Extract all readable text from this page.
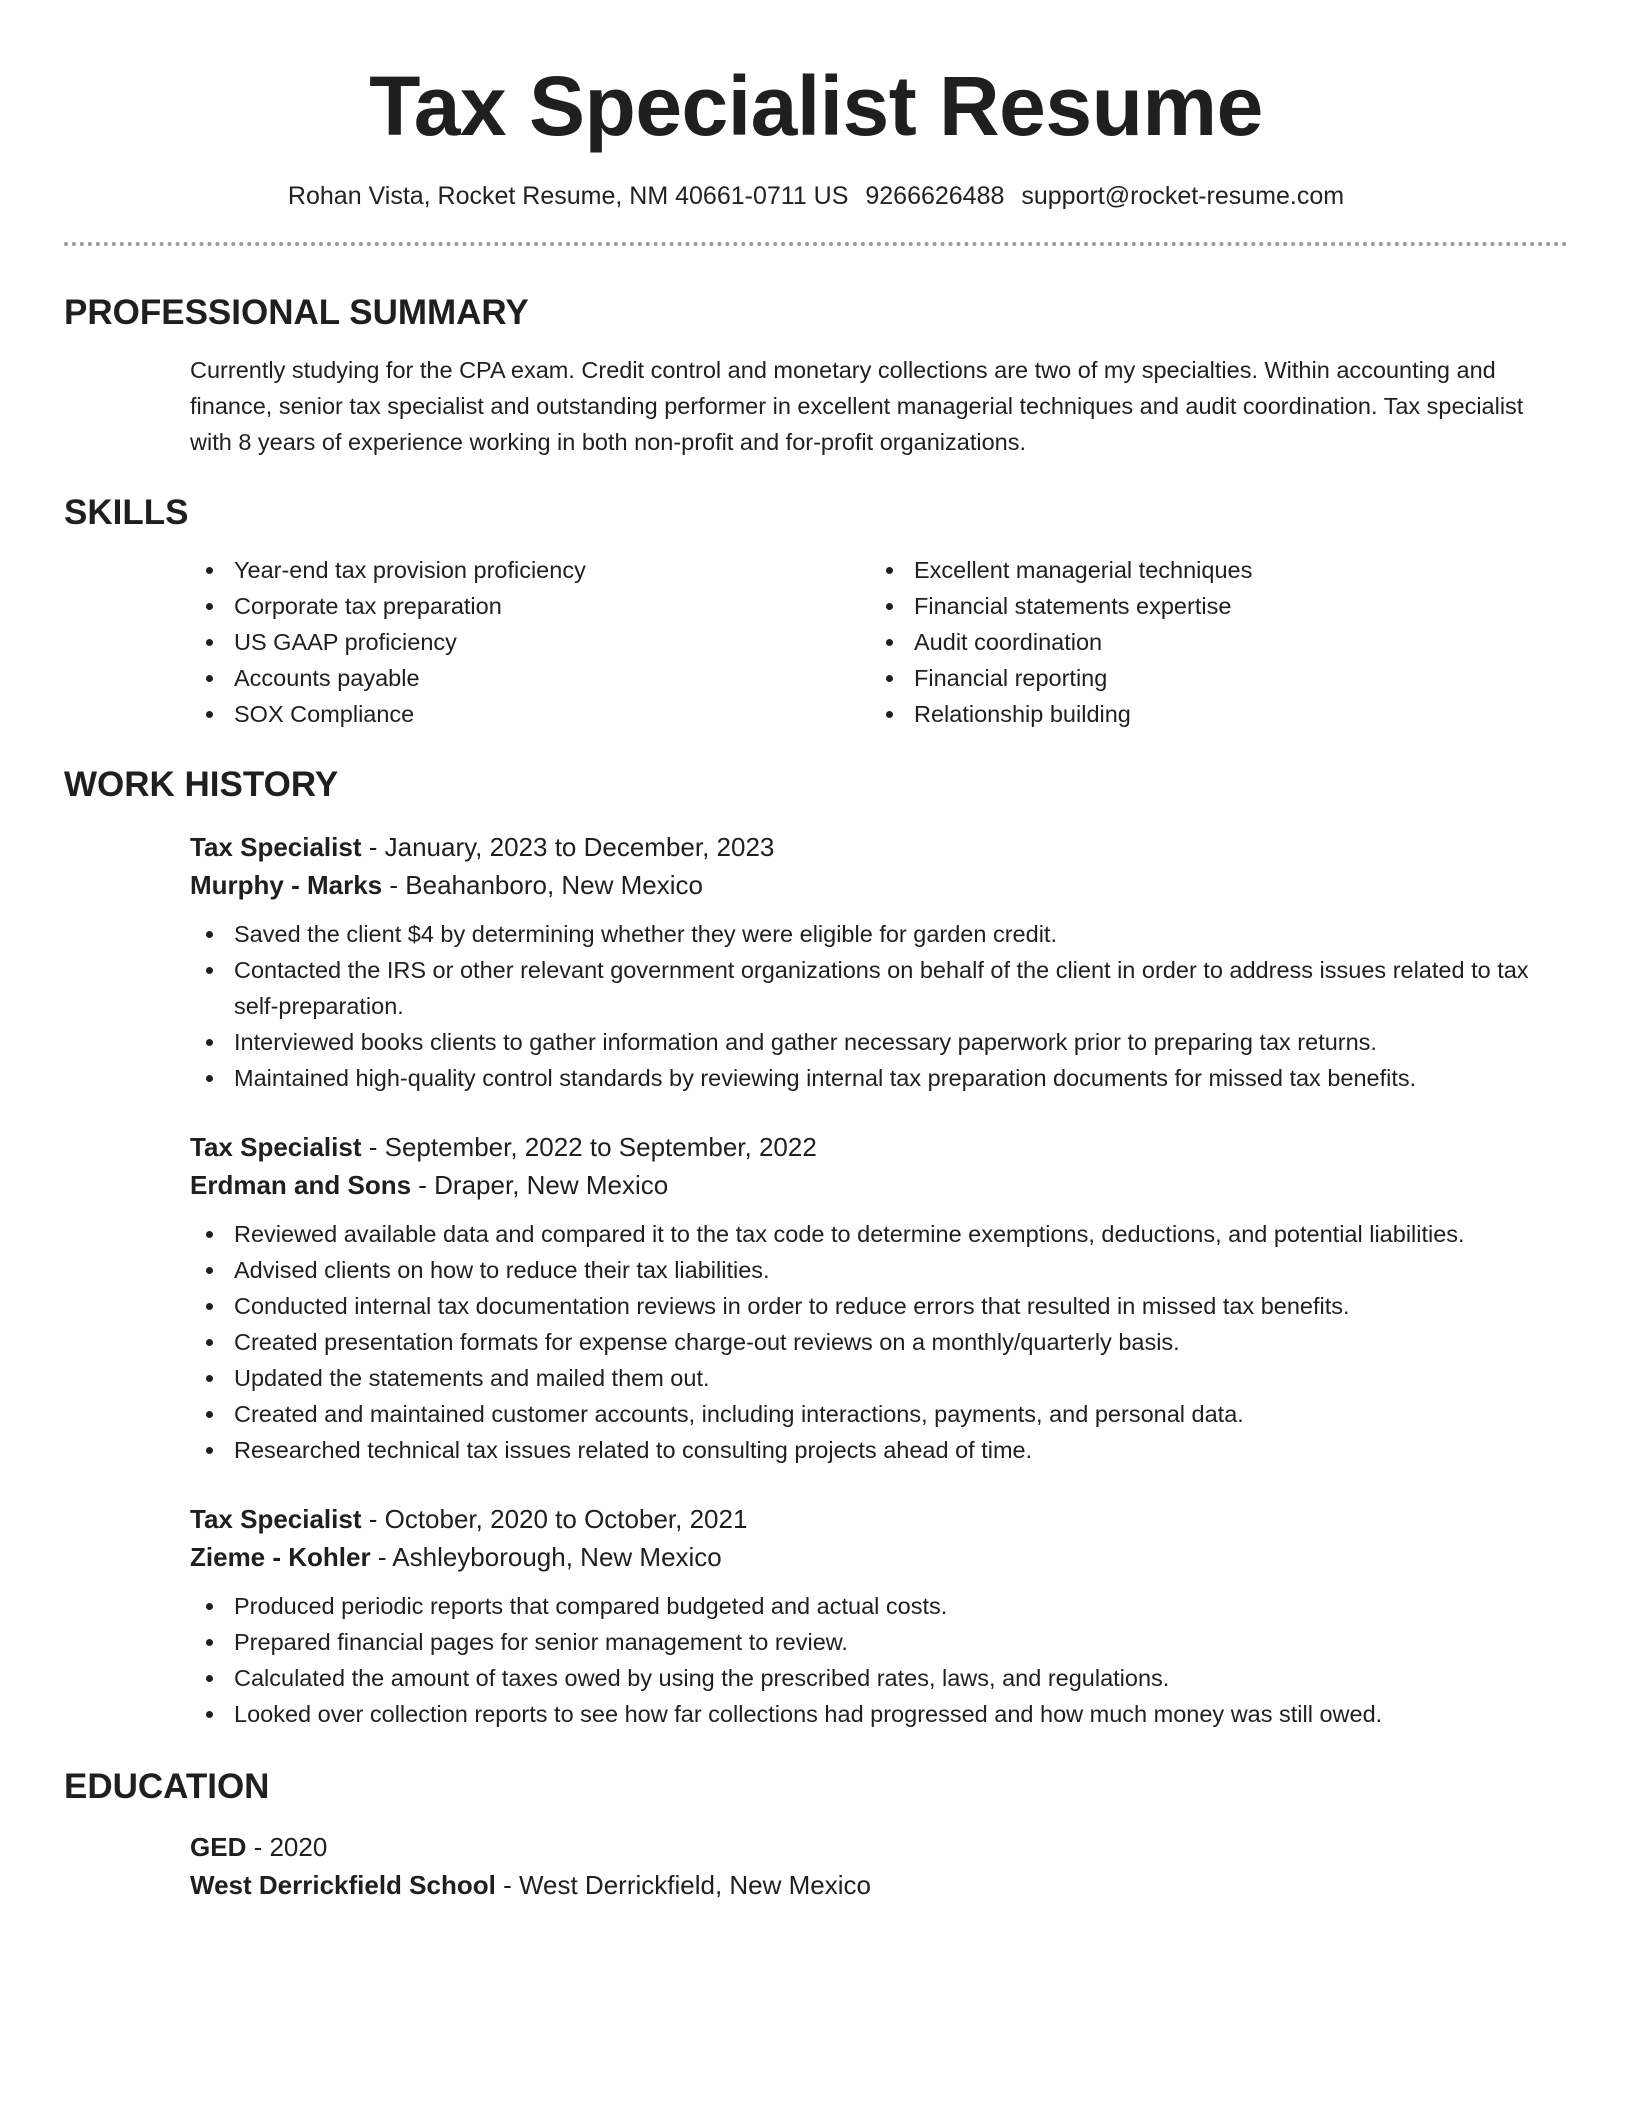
Tax Specialist Resume
Rohan Vista, Rocket Resume, NM 40661-0711 US 9266626488 support@rocket-resume.com
PROFESSIONAL SUMMARY
Currently studying for the CPA exam. Credit control and monetary collections are two of my specialties. Within accounting and finance, senior tax specialist and outstanding performer in excellent managerial techniques and audit coordination. Tax specialist with 8 years of experience working in both non-profit and for-profit organizations.
SKILLS
Year-end tax provision proficiency
Corporate tax preparation
US GAAP proficiency
Accounts payable
SOX Compliance
Excellent managerial techniques
Financial statements expertise
Audit coordination
Financial reporting
Relationship building
WORK HISTORY
Tax Specialist - January, 2023 to December, 2023
Murphy - Marks - Beahanboro, New Mexico
Saved the client $4 by determining whether they were eligible for garden credit.
Contacted the IRS or other relevant government organizations on behalf of the client in order to address issues related to tax self-preparation.
Interviewed books clients to gather information and gather necessary paperwork prior to preparing tax returns.
Maintained high-quality control standards by reviewing internal tax preparation documents for missed tax benefits.
Tax Specialist - September, 2022 to September, 2022
Erdman and Sons - Draper, New Mexico
Reviewed available data and compared it to the tax code to determine exemptions, deductions, and potential liabilities.
Advised clients on how to reduce their tax liabilities.
Conducted internal tax documentation reviews in order to reduce errors that resulted in missed tax benefits.
Created presentation formats for expense charge-out reviews on a monthly/quarterly basis.
Updated the statements and mailed them out.
Created and maintained customer accounts, including interactions, payments, and personal data.
Researched technical tax issues related to consulting projects ahead of time.
Tax Specialist - October, 2020 to October, 2021
Zieme - Kohler - Ashleyborough, New Mexico
Produced periodic reports that compared budgeted and actual costs.
Prepared financial pages for senior management to review.
Calculated the amount of taxes owed by using the prescribed rates, laws, and regulations.
Looked over collection reports to see how far collections had progressed and how much money was still owed.
EDUCATION
GED - 2020
West Derrickfield School - West Derrickfield, New Mexico
